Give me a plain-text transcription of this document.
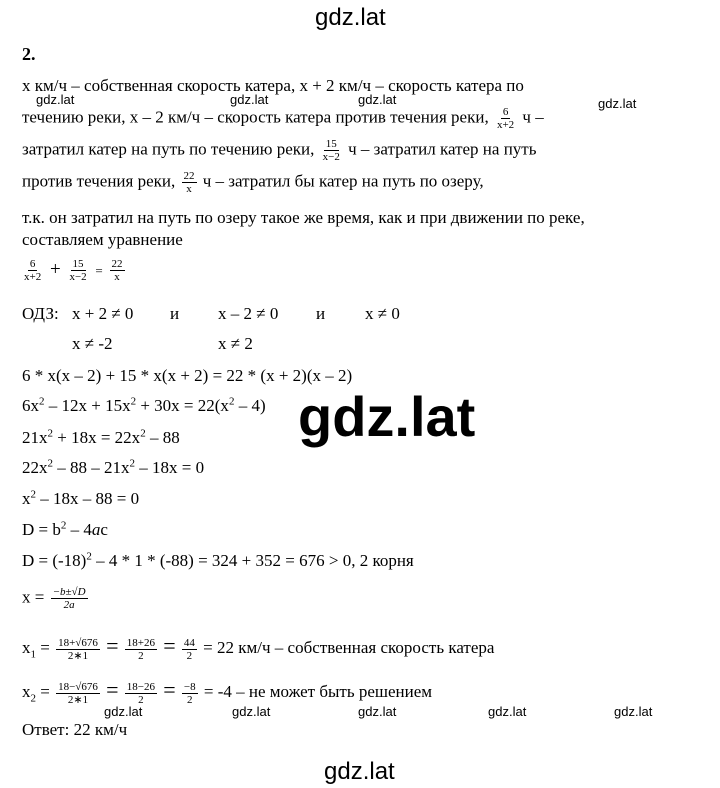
gdz.lat
2.
x км/ч – собственная скорость катера, x + 2 км/ч – скорость катера по
течению реки, x – 2 км/ч – скорость катера против течения реки, $\frac{6}{x+2}$ ч –
затратил катер на путь по течению реки, $\frac{15}{x-2}$ ч – затратил катер на путь
против течения реки, $\frac{22}{x}$ ч – затратил бы катер на путь по озеру,
т.к. он затратил на путь по озеру такое же время, как и при движении по реке,
составляем уравнение
$\frac{6}{x+2} + \frac{15}{x-2} = \frac{22}{x}$
ОДЗ: x + 2 ≠ 0 и x – 2 ≠ 0 и x ≠ 0
x ≠ -2	x ≠ 2
6 * x(x – 2) + 15 * x(x + 2) = 22 * (x + 2)(x – 2)
$6x^2 - 12x + 15x^2 + 30x = 22(x^2 - 4)$
$21x^2 + 18x = 22x^2 - 88$
$22x^2 - 88 - 21x^2 - 18x = 0$
$x^2 - 18x - 88 = 0$
$D = b^2 - 4ac$
$D = (-18)^2 - 4 * 1 * (-88) = 324 + 352 = 676 > 0$, 2 корня
$x = \frac{-b\pm√D}{2a}$
$x_1 = \frac{18+√676}{2∗1} = \frac{18+26}{2} = \frac{44}{2} = 22$ км/ч – собственная скорость катера
$x_2 = \frac{18-√676}{2∗1} = \frac{18-26}{2} = \frac{-8}{2} = -4$ – не может быть решением
Ответ: 22 км/ч
gdz.lat	gdz.lat	gdz.lat	gdz.lat
gdz.lat	gdz.lat	gdz.lat	gdz.lat	gdz.lat
gdz.lat
gdz.lat
